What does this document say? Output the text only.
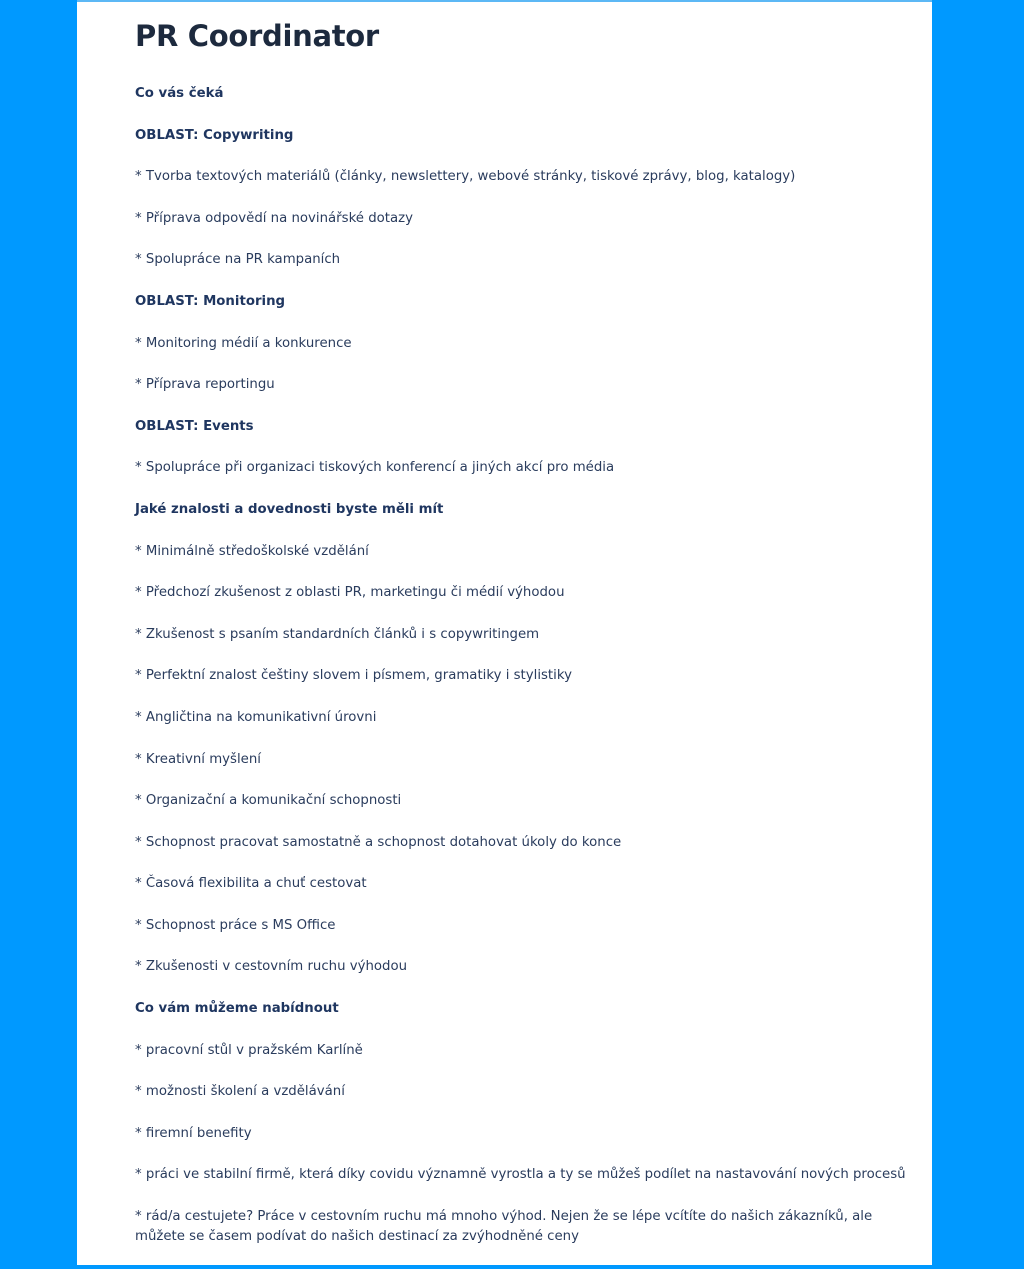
PR Coordinator
Co vás čeká
OBLAST: Copywriting
* Tvorba textových materiálů (články, newslettery, webové stránky, tiskové zprávy, blog, katalogy)
* Příprava odpovědí na novinářské dotazy
* Spolupráce na PR kampaních
OBLAST: Monitoring
* Monitoring médií a konkurence
* Příprava reportingu
OBLAST: Events
* Spolupráce při organizaci tiskových konferencí a jiných akcí pro média
Jaké znalosti a dovednosti byste měli mít
* Minimálně středoškolské vzdělání
* Předchozí zkušenost z oblasti PR, marketingu či médií výhodou
* Zkušenost s psaním standardních článků i s copywritingem
* Perfektní znalost češtiny slovem i písmem, gramatiky i stylistiky
* Angličtina na komunikativní úrovni
* Kreativní myšlení
* Organizační a komunikační schopnosti
* Schopnost pracovat samostatně a schopnost dotahovat úkoly do konce
* Časová flexibilita a chuť cestovat
* Schopnost práce s MS Office
* Zkušenosti v cestovním ruchu výhodou
Co vám můžeme nabídnout
* pracovní stůl v pražském Karlíně
* možnosti školení a vzdělávání
* firemní benefity
* práci ve stabilní firmě, která díky covidu významně vyrostla a ty se můžeš podílet na nastavování nových procesů
* rád/a cestujete? Práce v cestovním ruchu má mnoho výhod. Nejen že se lépe vcítíte do našich zákazníků, ale můžete se časem podívat do našich destinací za zvýhodněné ceny
